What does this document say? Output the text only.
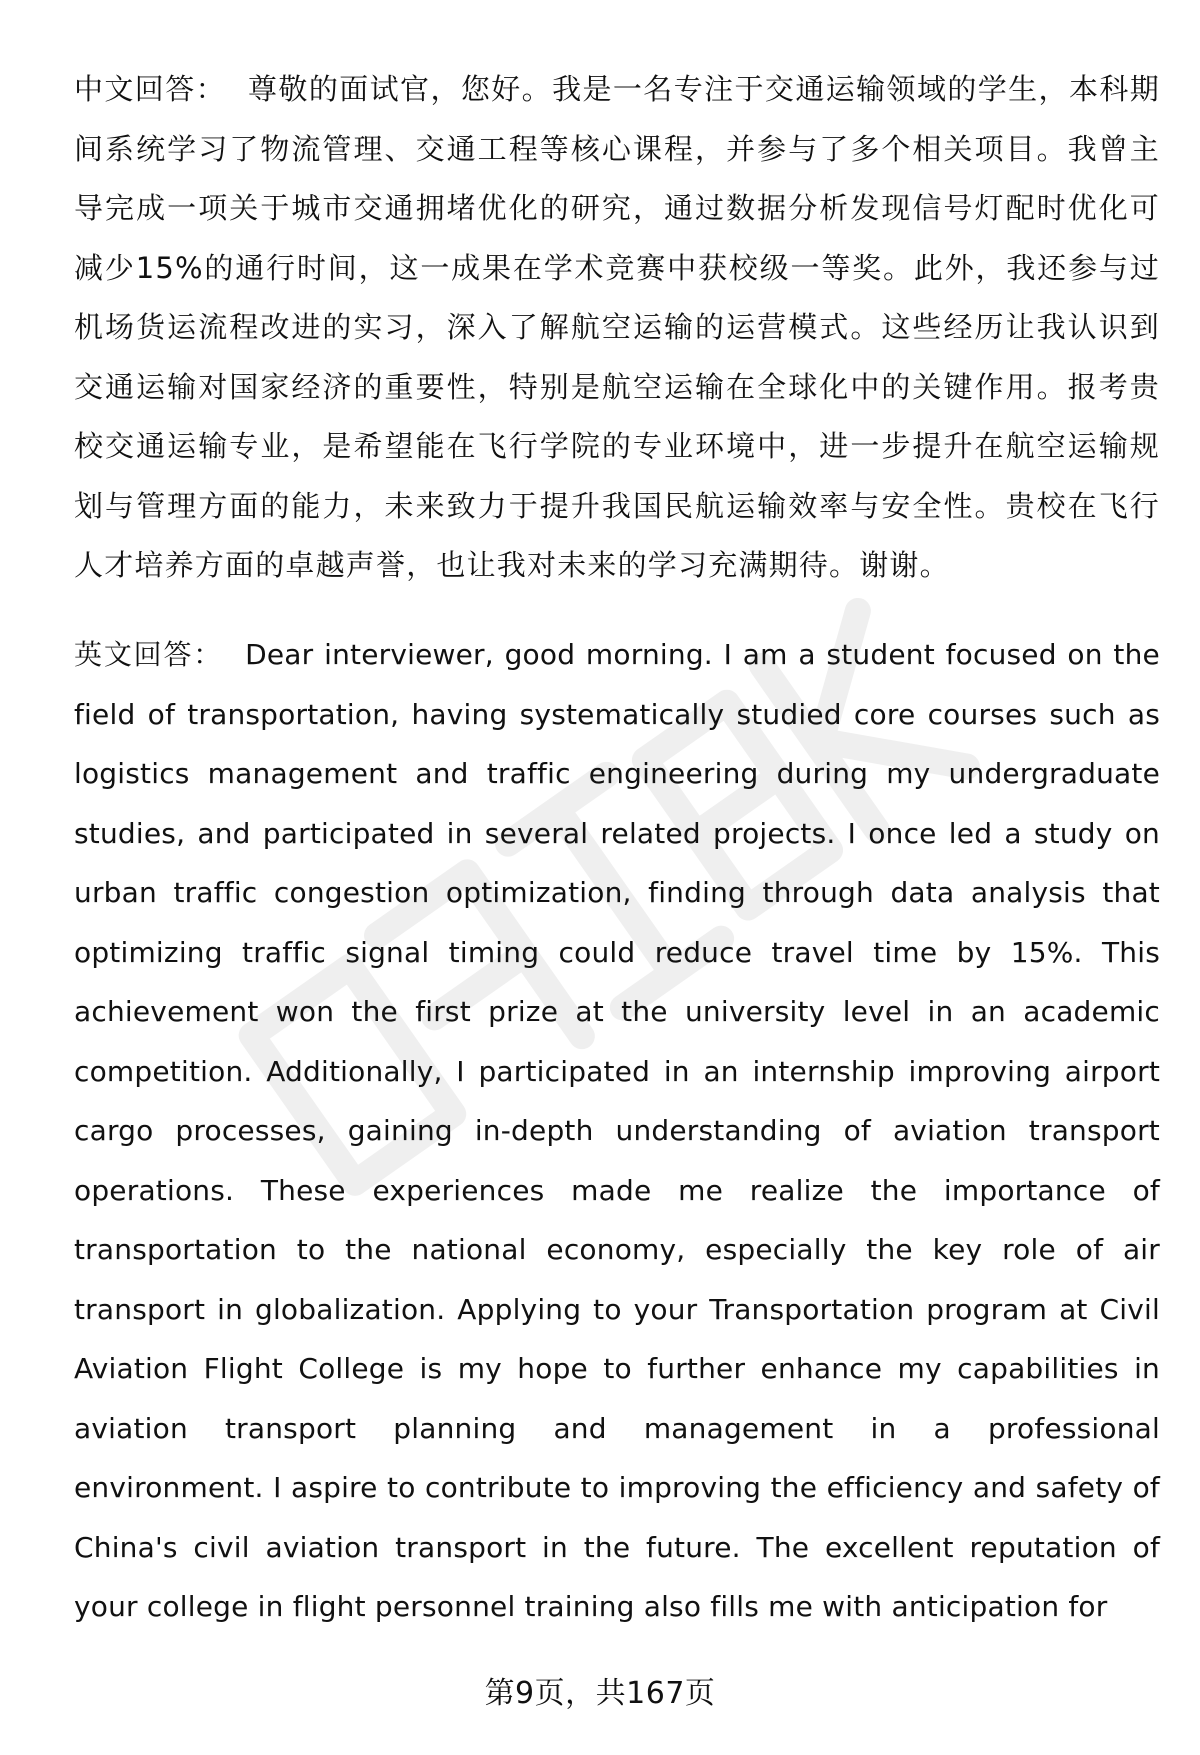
中文回答： 尊敬的面试官，您好。我是一名专注于交通运输领域的学生，本科期间系统学习了物流管理、交通工程等核心课程，并参与了多个相关项目。我曾主导完成一项关于城市交通拥堵优化的研究，通过数据分析发现信号灯配时优化可减少15%的通行时间，这一成果在学术竞赛中获校级一等奖。此外，我还参与过机场货运流程改进的实习，深入了解航空运输的运营模式。这些经历让我认识到交通运输对国家经济的重要性，特别是航空运输在全球化中的关键作用。报考贵校交通运输专业，是希望能在飞行学院的专业环境中，进一步提升在航空运输规划与管理方面的能力，未来致力于提升我国民航运输效率与安全性。贵校在飞行人才培养方面的卓越声誉，也让我对未来的学习充满期待。谢谢。

英文回答： Dear interviewer, good morning. I am a student focused on the field of transportation, having systematically studied core courses such as logistics management and traffic engineering during my undergraduate studies, and participated in several related projects. I once led a study on urban traffic congestion optimization, finding through data analysis that optimizing traffic signal timing could reduce travel time by 15%. This achievement won the first prize at the university level in an academic competition. Additionally, I participated in an internship improving airport cargo processes, gaining in-depth understanding of aviation transport operations. These experiences made me realize the importance of transportation to the national economy, especially the key role of air transport in globalization. Applying to your Transportation program at Civil Aviation Flight College is my hope to further enhance my capabilities in aviation transport planning and management in a professional environment. I aspire to contribute to improving the efficiency and safety of China's civil aviation transport in the future. The excellent reputation of your college in flight personnel training also fills me with anticipation for

第9页，共167页
